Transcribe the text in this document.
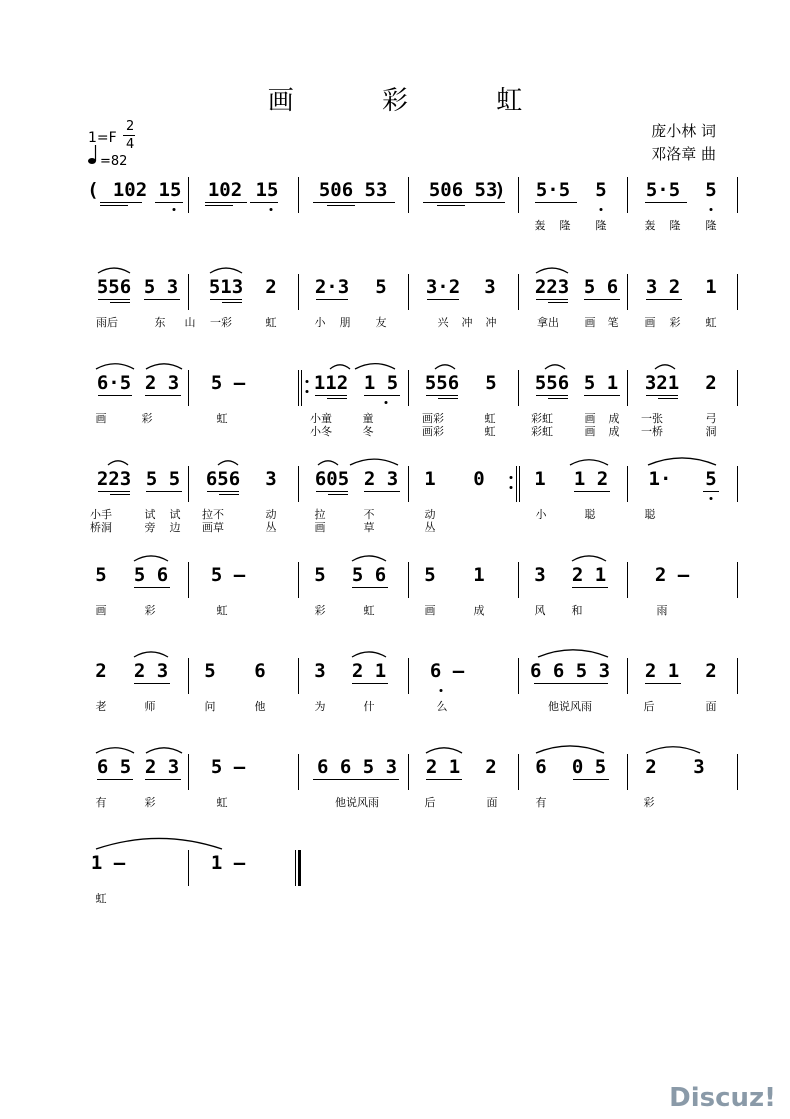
画 彩 虹
1=F
2
4
=82
庞小林 词
邓洛章 曲
( 102 15 102 15 506 53 506 53
) 5·5 5 5·5 5
轰 隆 隆	轰 隆 隆
556 5 3 513 2 2·3 5 3·2 3 223 5 6 3 2 1
雨后	东 山 一彩	虹	小 朋 友	兴 冲 冲	拿出 画 笔 画 彩 虹
6·5 2 3 5 –	112 1 5 556 5 556 5 1 321 2
画	彩	虹	小童	童	画彩	虹	彩虹	画 成 一张	弓
小冬	冬	画彩	虹	彩虹	画 成 一桥	洞
223 5 5 656 3 605 2 3 1 0	1 1 2 1· 5
小手	试 试 拉不	动	拉	不	动	小	聪	聪
桥洞	旁 边 画草	丛	画	草	丛
5 5 6 5 –	5 5 6 5 1	3 2 1	2 –
画	彩	虹	彩	虹	画	成	风 和	雨
2 2 3 5 6	3 2 1 6 –	6 6 5 3 2 1 2
老	师	问	他	为	什	么	他说风雨	后	面
6 5 2 3 5 –	6 6 5 3 2 1 2 6 0 5 2 3
有	彩	虹	他说风雨	后	面	有	彩
1 –	1 –
虹
Discuz!
